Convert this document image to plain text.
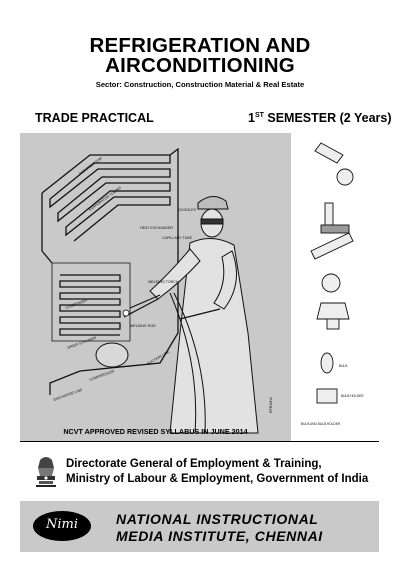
REFRIGERATION AND
AIRCONDITIONING
Sector: Construction, Construction Material & Real Estate
TRADE PRACTICAL	1ST SEMESTER (2 Years)
ACCUMULATOR
EVAPORATOR TUBING	GOGGLES
HEAT EXCHANGER
CAPILLARY TUBE
WELDING TORCH
WELDING ROD
CONDENSER
DRIER STRAINER
SUCTION LINE
DISCHARGE LINE
COMPRESSOR
RFR10N2
BULB
BULB HOLDER
BULB AND BULB HOLDER
NCVT APPROVED REVISED SYLLABUS IN JUNE 2014
Directorate General of Employment & Training,
Ministry of Labour & Employment, Government of India
Nimi	NATIONAL INSTRUCTIONAL
MEDIA INSTITUTE, CHENNAI
